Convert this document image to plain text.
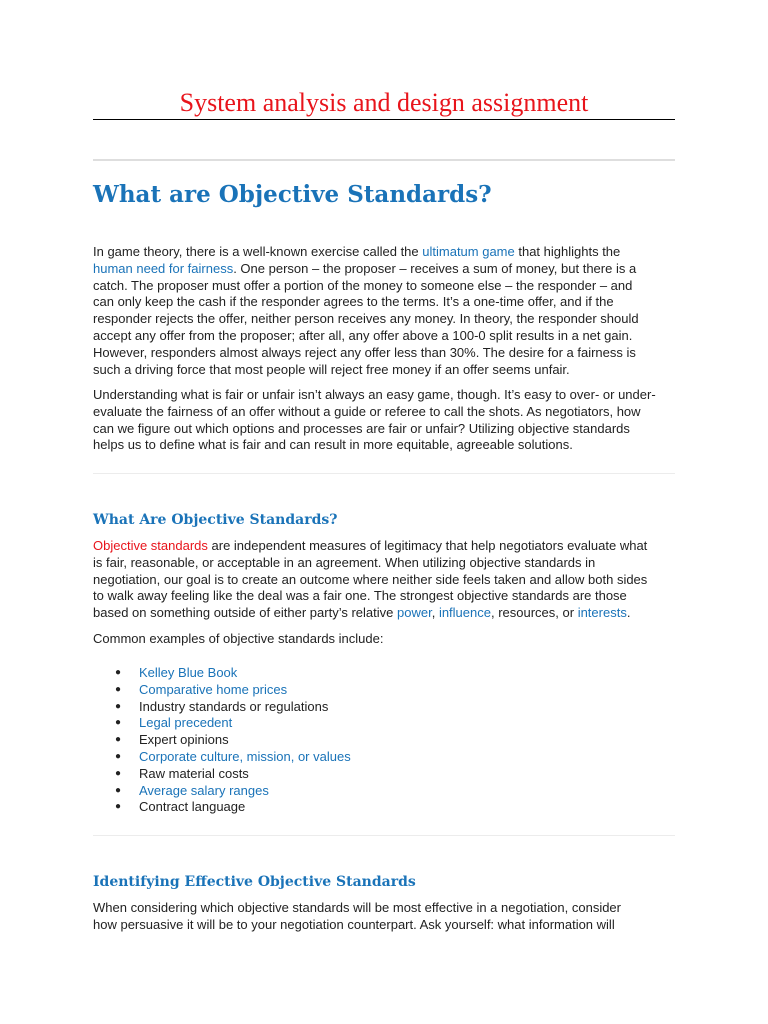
System analysis and design assignment
What are Objective Standards?
In game theory, there is a well-known exercise called the ultimatum game that highlights the
human need for fairness. One person – the proposer – receives a sum of money, but there is a
catch. The proposer must offer a portion of the money to someone else – the responder – and
can only keep the cash if the responder agrees to the terms. It’s a one-time offer, and if the
responder rejects the offer, neither person receives any money. In theory, the responder should
accept any offer from the proposer; after all, any offer above a 100-0 split results in a net gain.
However, responders almost always reject any offer less than 30%. The desire for a fairness is
such a driving force that most people will reject free money if an offer seems unfair.
Understanding what is fair or unfair isn’t always an easy game, though. It’s easy to over- or under-
evaluate the fairness of an offer without a guide or referee to call the shots. As negotiators, how
can we figure out which options and processes are fair or unfair? Utilizing objective standards
helps us to define what is fair and can result in more equitable, agreeable solutions.
What Are Objective Standards?
Objective standards are independent measures of legitimacy that help negotiators evaluate what
is fair, reasonable, or acceptable in an agreement. When utilizing objective standards in
negotiation, our goal is to create an outcome where neither side feels taken and allow both sides
to walk away feeling like the deal was a fair one. The strongest objective standards are those
based on something outside of either party’s relative power, influence, resources, or interests.
Common examples of objective standards include:
● Kelley Blue Book
● Comparative home prices
● Industry standards or regulations
● Legal precedent
● Expert opinions
● Corporate culture, mission, or values
● Raw material costs
● Average salary ranges
● Contract language
Identifying Effective Objective Standards
When considering which objective standards will be most effective in a negotiation, consider
how persuasive it will be to your negotiation counterpart. Ask yourself: what information will
